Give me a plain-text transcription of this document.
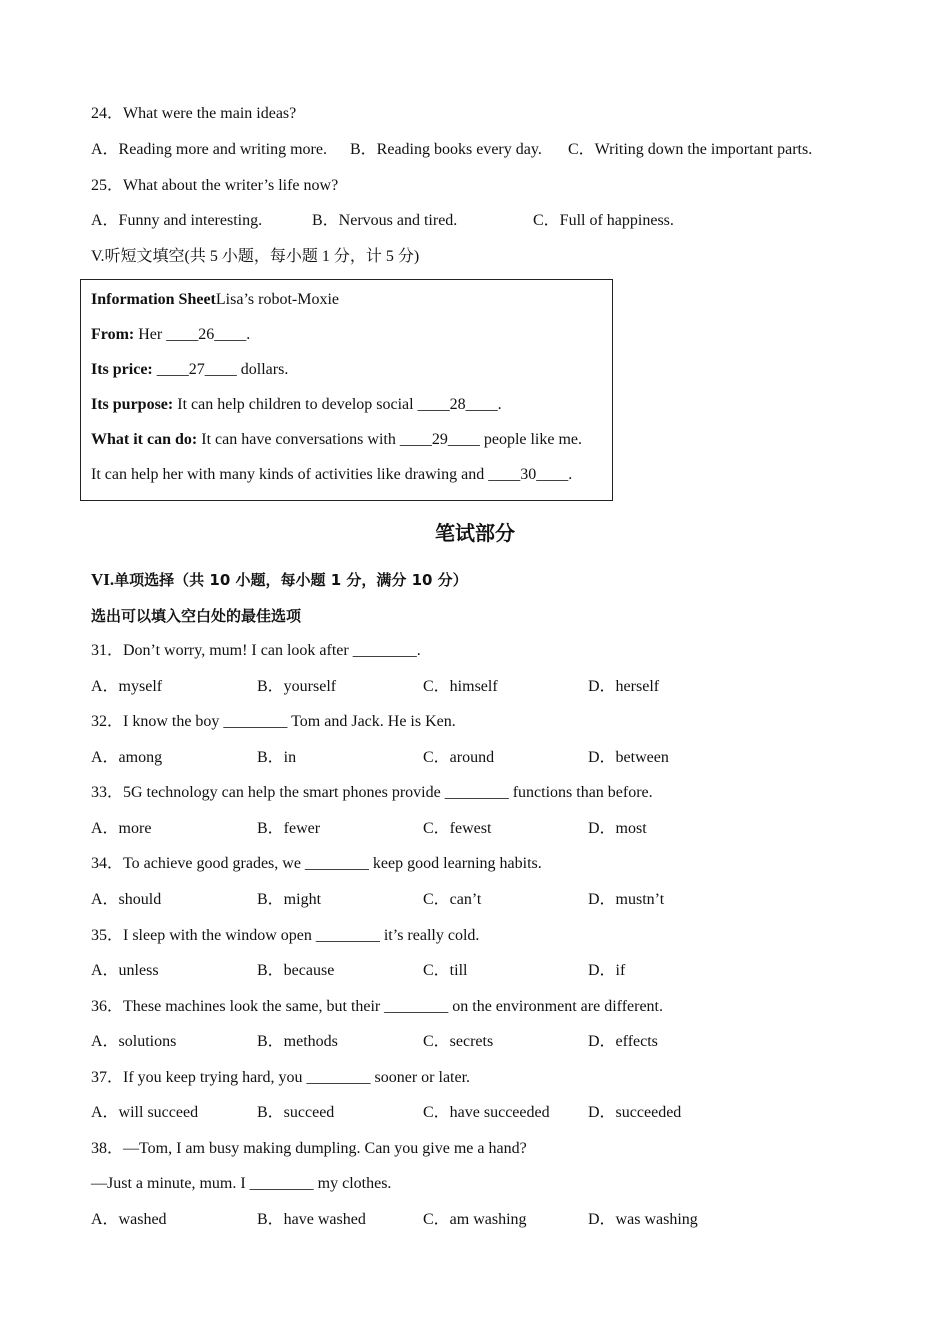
24．What were the main ideas?
A．Reading more and writing more. B．Reading books every day. C．Writing down the important parts.
25．What about the writer’s life now?
A．Funny and interesting.	B．Nervous and tired.	C．Full of happiness.
V.听短文填空(共 5 小题，每小题 1 分，计 5 分)
Information SheetLisa’s robot-Moxie
From: Her ____26____.
Its price: ____27____ dollars.
Its purpose: It can help children to develop social ____28____.
What it can do: It can have conversations with ____29____ people like me.
It can help her with many kinds of activities like drawing and ____30____.
笔试部分
VI.单项选择（共 10 小题，每小题 1 分，满分 10 分）
选出可以填入空白处的最佳选项
31．Don’t worry, mum! I can look after ________.
A．myself	B．yourself	C．himself	D．herself
32．I know the boy ________ Tom and Jack. He is Ken.
A．among	B．in	C．around	D．between
33．5G technology can help the smart phones provide ________ functions than before.
A．more	B．fewer	C．fewest	D．most
34．To achieve good grades, we ________ keep good learning habits.
A．should	B．might	C．can’t	D．mustn’t
35．I sleep with the window open ________ it’s really cold.
A．unless	B．because	C．till	D．if
36．These machines look the same, but their ________ on the environment are different.
A．solutions	B．methods	C．secrets	D．effects
37．If you keep trying hard, you ________ sooner or later.
A．will succeed	B．succeed	C．have succeeded D．succeeded
38．—Tom, I am busy making dumpling. Can you give me a hand?
—Just a minute, mum. I ________ my clothes.
A．washed	B．have washed	C．am washing	D．was washing
